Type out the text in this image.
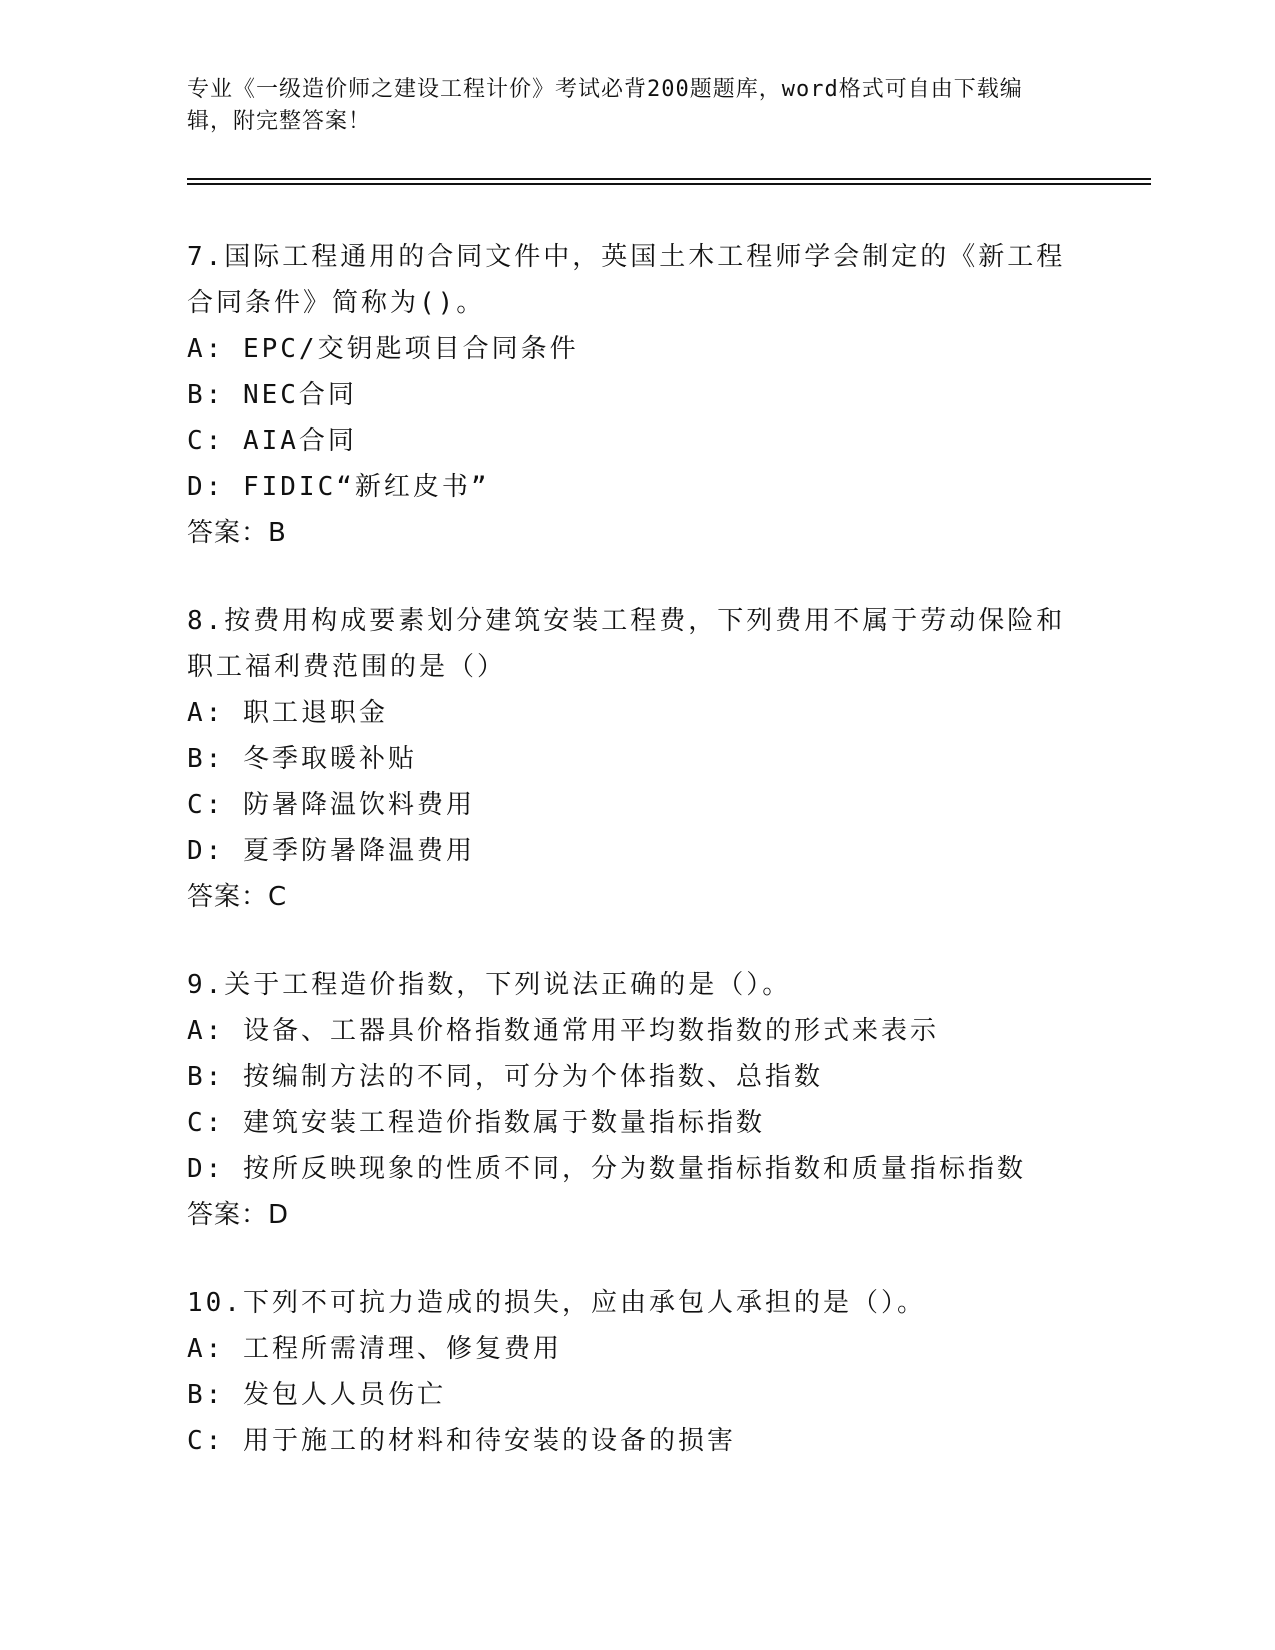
专业《一级造价师之建设工程计价》考试必背200题题库，word格式可自由下载编辑，附完整答案！

7.国际工程通用的合同文件中，英国土木工程师学会制定的《新工程合同条件》简称为()。

A: EPC/交钥匙项目合同条件

B: NEC合同

C: AIA合同

D: FIDIC“新红皮书”

答案：B

8.按费用构成要素划分建筑安装工程费，下列费用不属于劳动保险和职工福利费范围的是（）

A: 职工退职金

B: 冬季取暖补贴

C: 防暑降温饮料费用

D: 夏季防暑降温费用

答案：C

9.关于工程造价指数，下列说法正确的是（）。

A: 设备、工器具价格指数通常用平均数指数的形式来表示

B: 按编制方法的不同，可分为个体指数、总指数

C: 建筑安装工程造价指数属于数量指标指数

D: 按所反映现象的性质不同，分为数量指标指数和质量指标指数

答案：D

10.下列不可抗力造成的损失，应由承包人承担的是（）。

A: 工程所需清理、修复费用

B: 发包人人员伤亡

C: 用于施工的材料和待安装的设备的损害
